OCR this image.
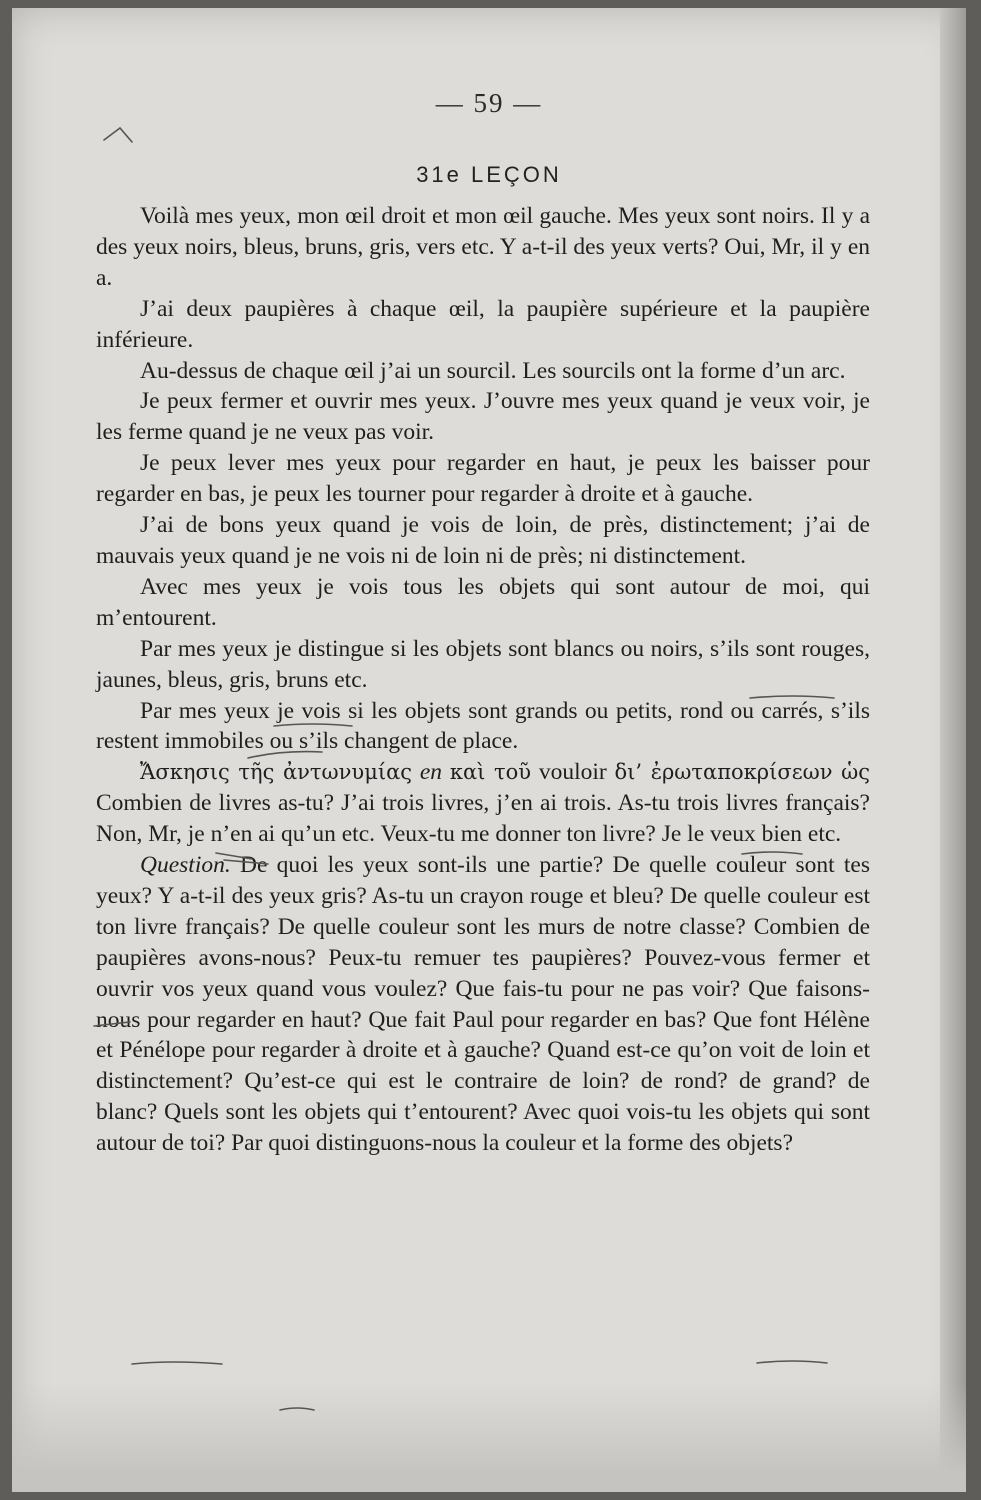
— 59 —
31e LEÇON

Voilà mes yeux, mon œil droit et mon œil gauche. Mes yeux sont noirs. Il y a des yeux noirs, bleus, bruns, gris, vers etc. Y a-t-il des yeux verts? Oui, Mr, il y en a.

J’ai deux paupières à chaque œil, la paupière supérieure et la paupière inférieure.

Au-dessus de chaque œil j’ai un sourcil. Les sourcils ont la forme d’un arc.

Je peux fermer et ouvrir mes yeux. J’ouvre mes yeux quand je veux voir, je les ferme quand je ne veux pas voir.

Je peux lever mes yeux pour regarder en haut, je peux les baisser pour regarder en bas, je peux les tourner pour regarder à droite et à gauche.

J’ai de bons yeux quand je vois de loin, de près, distinctement; j’ai de mauvais yeux quand je ne vois ni de loin ni de près; ni distinctement.

Avec mes yeux je vois tous les objets qui sont autour de moi, qui m’entourent.

Par mes yeux je distingue si les objets sont blancs ou noirs, s’ils sont rouges, jaunes, bleus, gris, bruns etc.

Par mes yeux je vois si les objets sont grands ou petits, rond ou carrés, s’ils restent immobiles ou s’ils changent de place.

Ἄσκησις τῆς ἀντωνυμίας en καὶ τοῦ vouloir δι’ ἐρωταποκρίσεων ὡς Combien de livres as-tu? J’ai trois livres, j’en ai trois. As-tu trois livres français? Non, Mr, je n’en ai qu’un etc. Veux-tu me donner ton livre? Je le veux bien etc.

Question. De quoi les yeux sont-ils une partie? De quelle couleur sont tes yeux? Y a-t-il des yeux gris? As-tu un crayon rouge et bleu? De quelle couleur est ton livre français? De quelle couleur sont les murs de notre classe? Combien de paupières avons-nous? Peux-tu remuer tes paupières? Pouvez-vous fermer et ouvrir vos yeux quand vous voulez? Que fais-tu pour ne pas voir? Que faisons-nous pour regarder en haut? Que fait Paul pour regarder en bas? Que font Hélène et Pénélope pour regarder à droite et à gauche? Quand est-ce qu’on voit de loin et distinctement? Qu’est-ce qui est le contraire de loin? de rond? de grand? de blanc? Quels sont les objets qui t’entourent? Avec quoi vois-tu les objets qui sont autour de toi? Par quoi distinguons-nous la couleur et la forme des objets?
